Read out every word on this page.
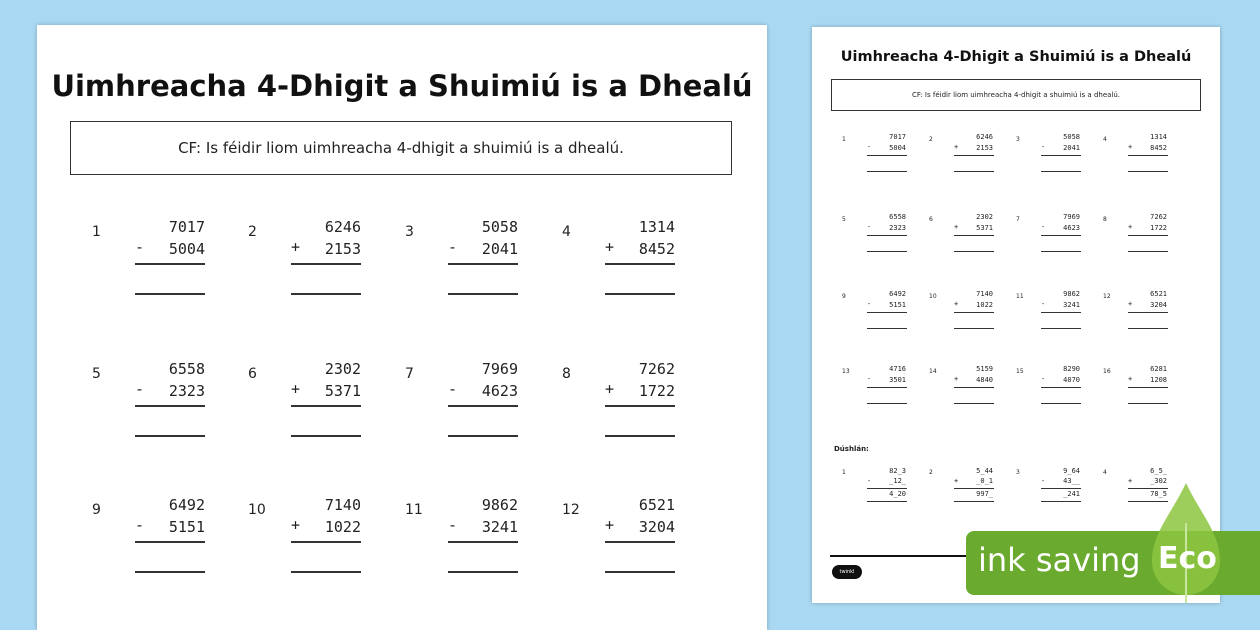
Uimhreacha 4-Dhigit a Shuimiú is a Dhealú
CF: Is féidir liom uimhreacha 4-dhigit a shuimiú is a dhealú.
1	7017
- 5004
2	6246
+ 2153
3	5058
- 2041
4	1314
+ 8452
5	6558
- 2323
6	2302
+ 5371
7	7969
- 4623
8	7262
+ 1722
9	6492
- 5151
10	7140
+ 1022
11	9862
- 3241
12	6521
+ 3204
Uimhreacha 4-Dhigit a Shuimiú is a Dhealú
CF: Is féidir liom uimhreacha 4-dhigit a shuimiú is a dhealú.
Dúshlán:
twinkl
1	7017
-	5004
2	6246
+	2153
3	5058
-	2041
4	1314
+	8452
5	6558
-	2323
6	2302
+	5371
7	7969
-	4623
8	7262
+	1722
9	6492
-	5151
10	7140
+	1022
11	9862
-	3241
12	6521
+	3204
13	4716
-	3501
14	5159
+	4840
15	8290
-	4070
16	6281
+	1208
1	82_3
-	_12_
4_20
2	5_44
+	_0_1
997_
3	9_64
-	43__
_241
4	6_5_
+	_302
78_5
ink saving Eco
